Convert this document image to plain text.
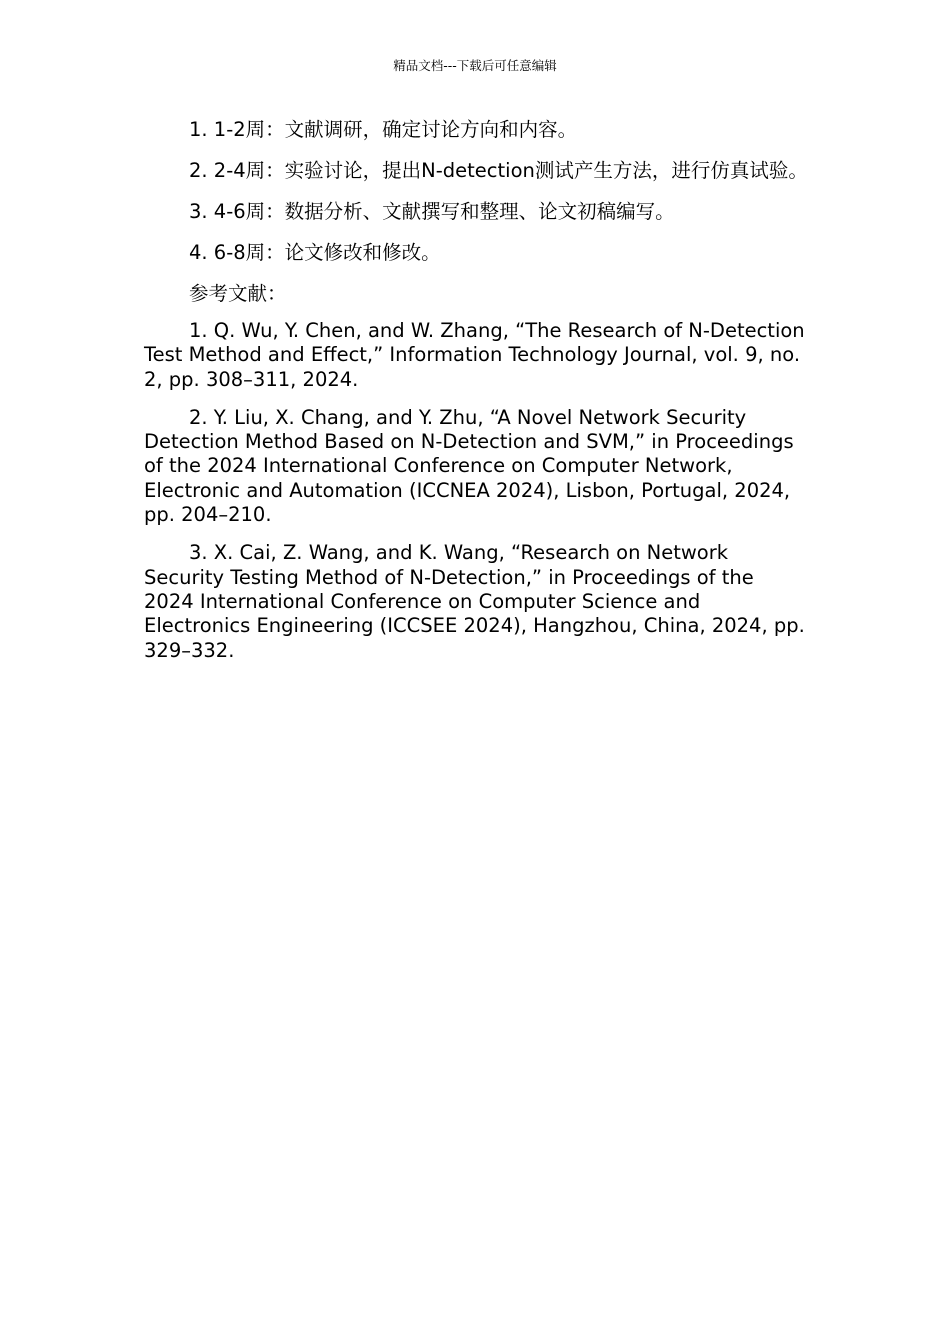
精品文档---下载后可任意编辑

1. 1-2周：文献调研，确定讨论方向和内容。

2. 2-4周：实验讨论，提出N-detection测试产生方法，进行仿真试验。

3. 4-6周：数据分析、文献撰写和整理、论文初稿编写。

4. 6-8周：论文修改和修改。

参考文献：

1. Q. Wu, Y. Chen, and W. Zhang, “The Research of N-Detection Test Method and Effect,” Information Technology Journal, vol. 9, no. 2, pp. 308–311, 2024.

2. Y. Liu, X. Chang, and Y. Zhu, “A Novel Network Security Detection Method Based on N-Detection and SVM,” in Proceedings of the 2024 International Conference on Computer Network, Electronic and Automation (ICCNEA 2024), Lisbon, Portugal, 2024, pp. 204–210.

3. X. Cai, Z. Wang, and K. Wang, “Research on Network Security Testing Method of N-Detection,” in Proceedings of the 2024 International Conference on Computer Science and Electronics Engineering (ICCSEE 2024), Hangzhou, China, 2024, pp. 329–332.
